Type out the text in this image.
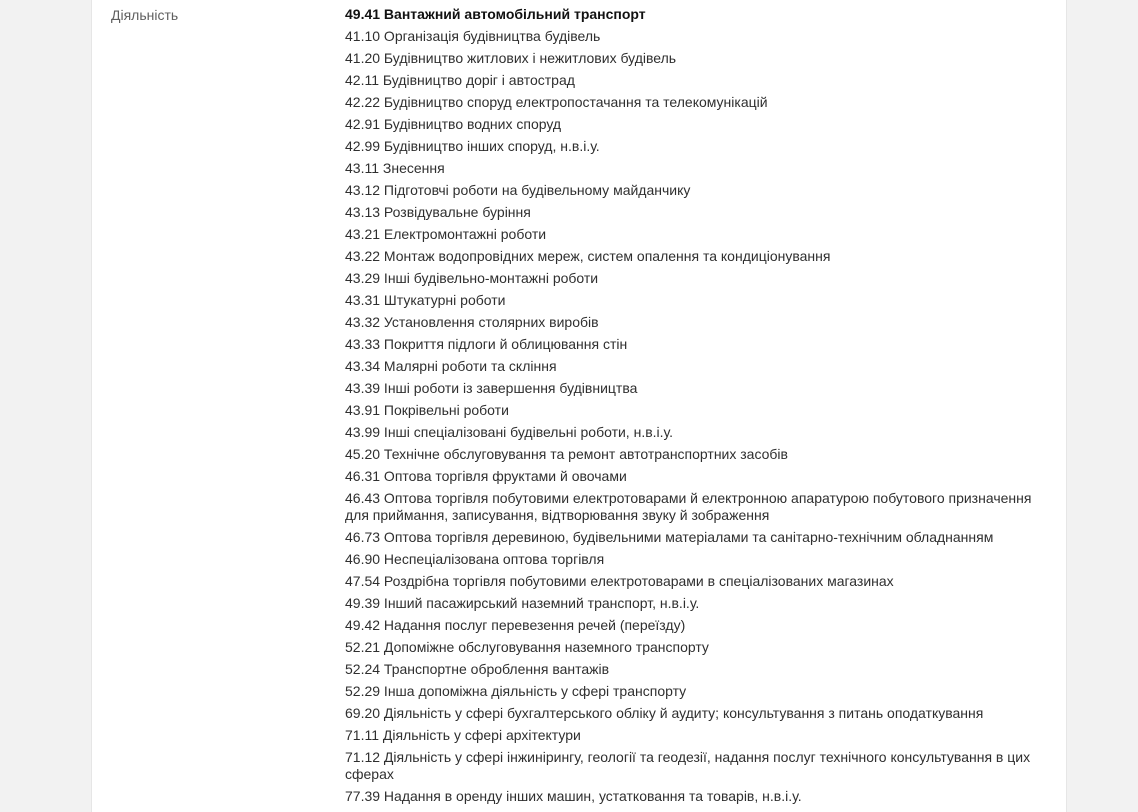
Діяльність	49.41 Вантажний автомобільний транспорт
41.10 Організація будівництва будівель
41.20 Будівництво житлових і нежитлових будівель
42.11 Будівництво доріг і автострад
42.22 Будівництво споруд електропостачання та телекомунікацій
42.91 Будівництво водних споруд
42.99 Будівництво інших споруд, н.в.і.у.
43.11 Знесення
43.12 Підготовчі роботи на будівельному майданчику
43.13 Розвідувальне буріння
43.21 Електромонтажні роботи
43.22 Монтаж водопровідних мереж, систем опалення та кондиціонування
43.29 Інші будівельно-монтажні роботи
43.31 Штукатурні роботи
43.32 Установлення столярних виробів
43.33 Покриття підлоги й облицювання стін
43.34 Малярні роботи та скління
43.39 Інші роботи із завершення будівництва
43.91 Покрівельні роботи
43.99 Інші спеціалізовані будівельні роботи, н.в.і.у.
45.20 Технічне обслуговування та ремонт автотранспортних засобів
46.31 Оптова торгівля фруктами й овочами
46.43 Оптова торгівля побутовими електротоварами й електронною апаратурою побутового призначення для приймання, записування, відтворювання звуку й зображення
46.73 Оптова торгівля деревиною, будівельними матеріалами та санітарно-технічним обладнанням
46.90 Неспеціалізована оптова торгівля
47.54 Роздрібна торгівля побутовими електротоварами в спеціалізованих магазинах
49.39 Інший пасажирський наземний транспорт, н.в.і.у.
49.42 Надання послуг перевезення речей (переїзду)
52.21 Допоміжне обслуговування наземного транспорту
52.24 Транспортне оброблення вантажів
52.29 Інша допоміжна діяльність у сфері транспорту
69.20 Діяльність у сфері бухгалтерського обліку й аудиту; консультування з питань оподаткування
71.11 Діяльність у сфері архітектури
71.12 Діяльність у сфері інжинірингу, геології та геодезії, надання послуг технічного консультування в цих сферах
77.39 Надання в оренду інших машин, устатковання та товарів, н.в.і.у.
